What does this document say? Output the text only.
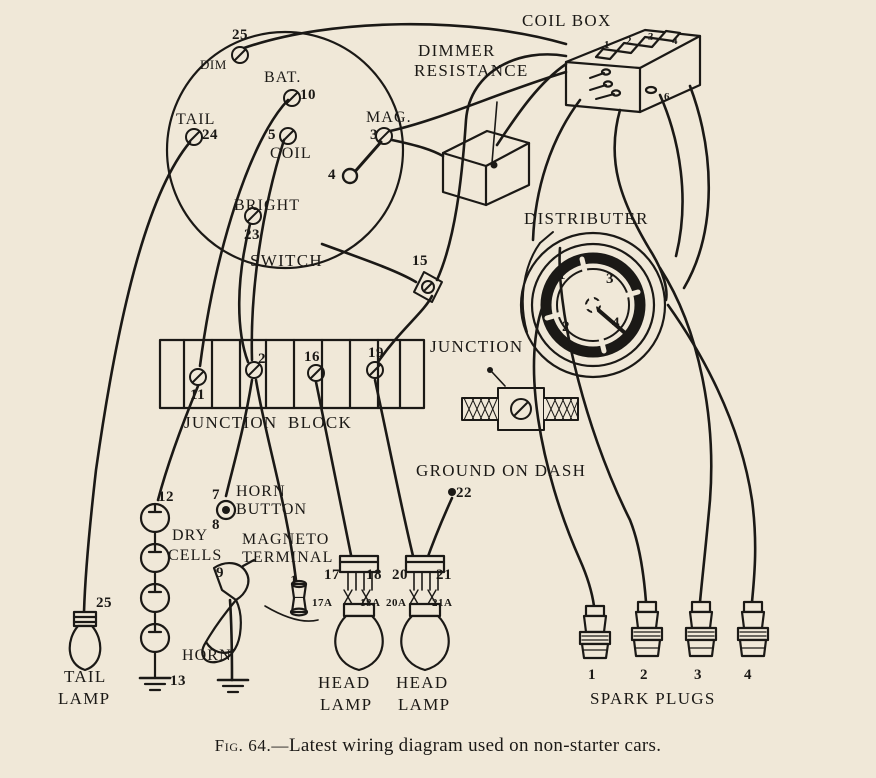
25
DIM
BAT.
10
TAIL
24	5
COIL
MAG.
3
4
BRIGHT
23
SWITCH
DIMMER
RESISTANCE
COIL BOX
1 2 3 4
6
DISTRIBUTER
1
2
3
4
15
JUNCTION
11
2	16	19
JUNCTION BLOCK
12
DRY
CELLS
13
7 HORN
BUTTON
8
MAGNETO
TERMINAL
9	1
HORN
25
TAIL
LAMP
GROUND ON DASH
22
17 18
17A	18A
20 21
20A 21A
HEAD
LAMP
HEAD
LAMP
1	2	3	4
SPARK PLUGS
Fig. 64.—Latest wiring diagram used on non-starter cars.
